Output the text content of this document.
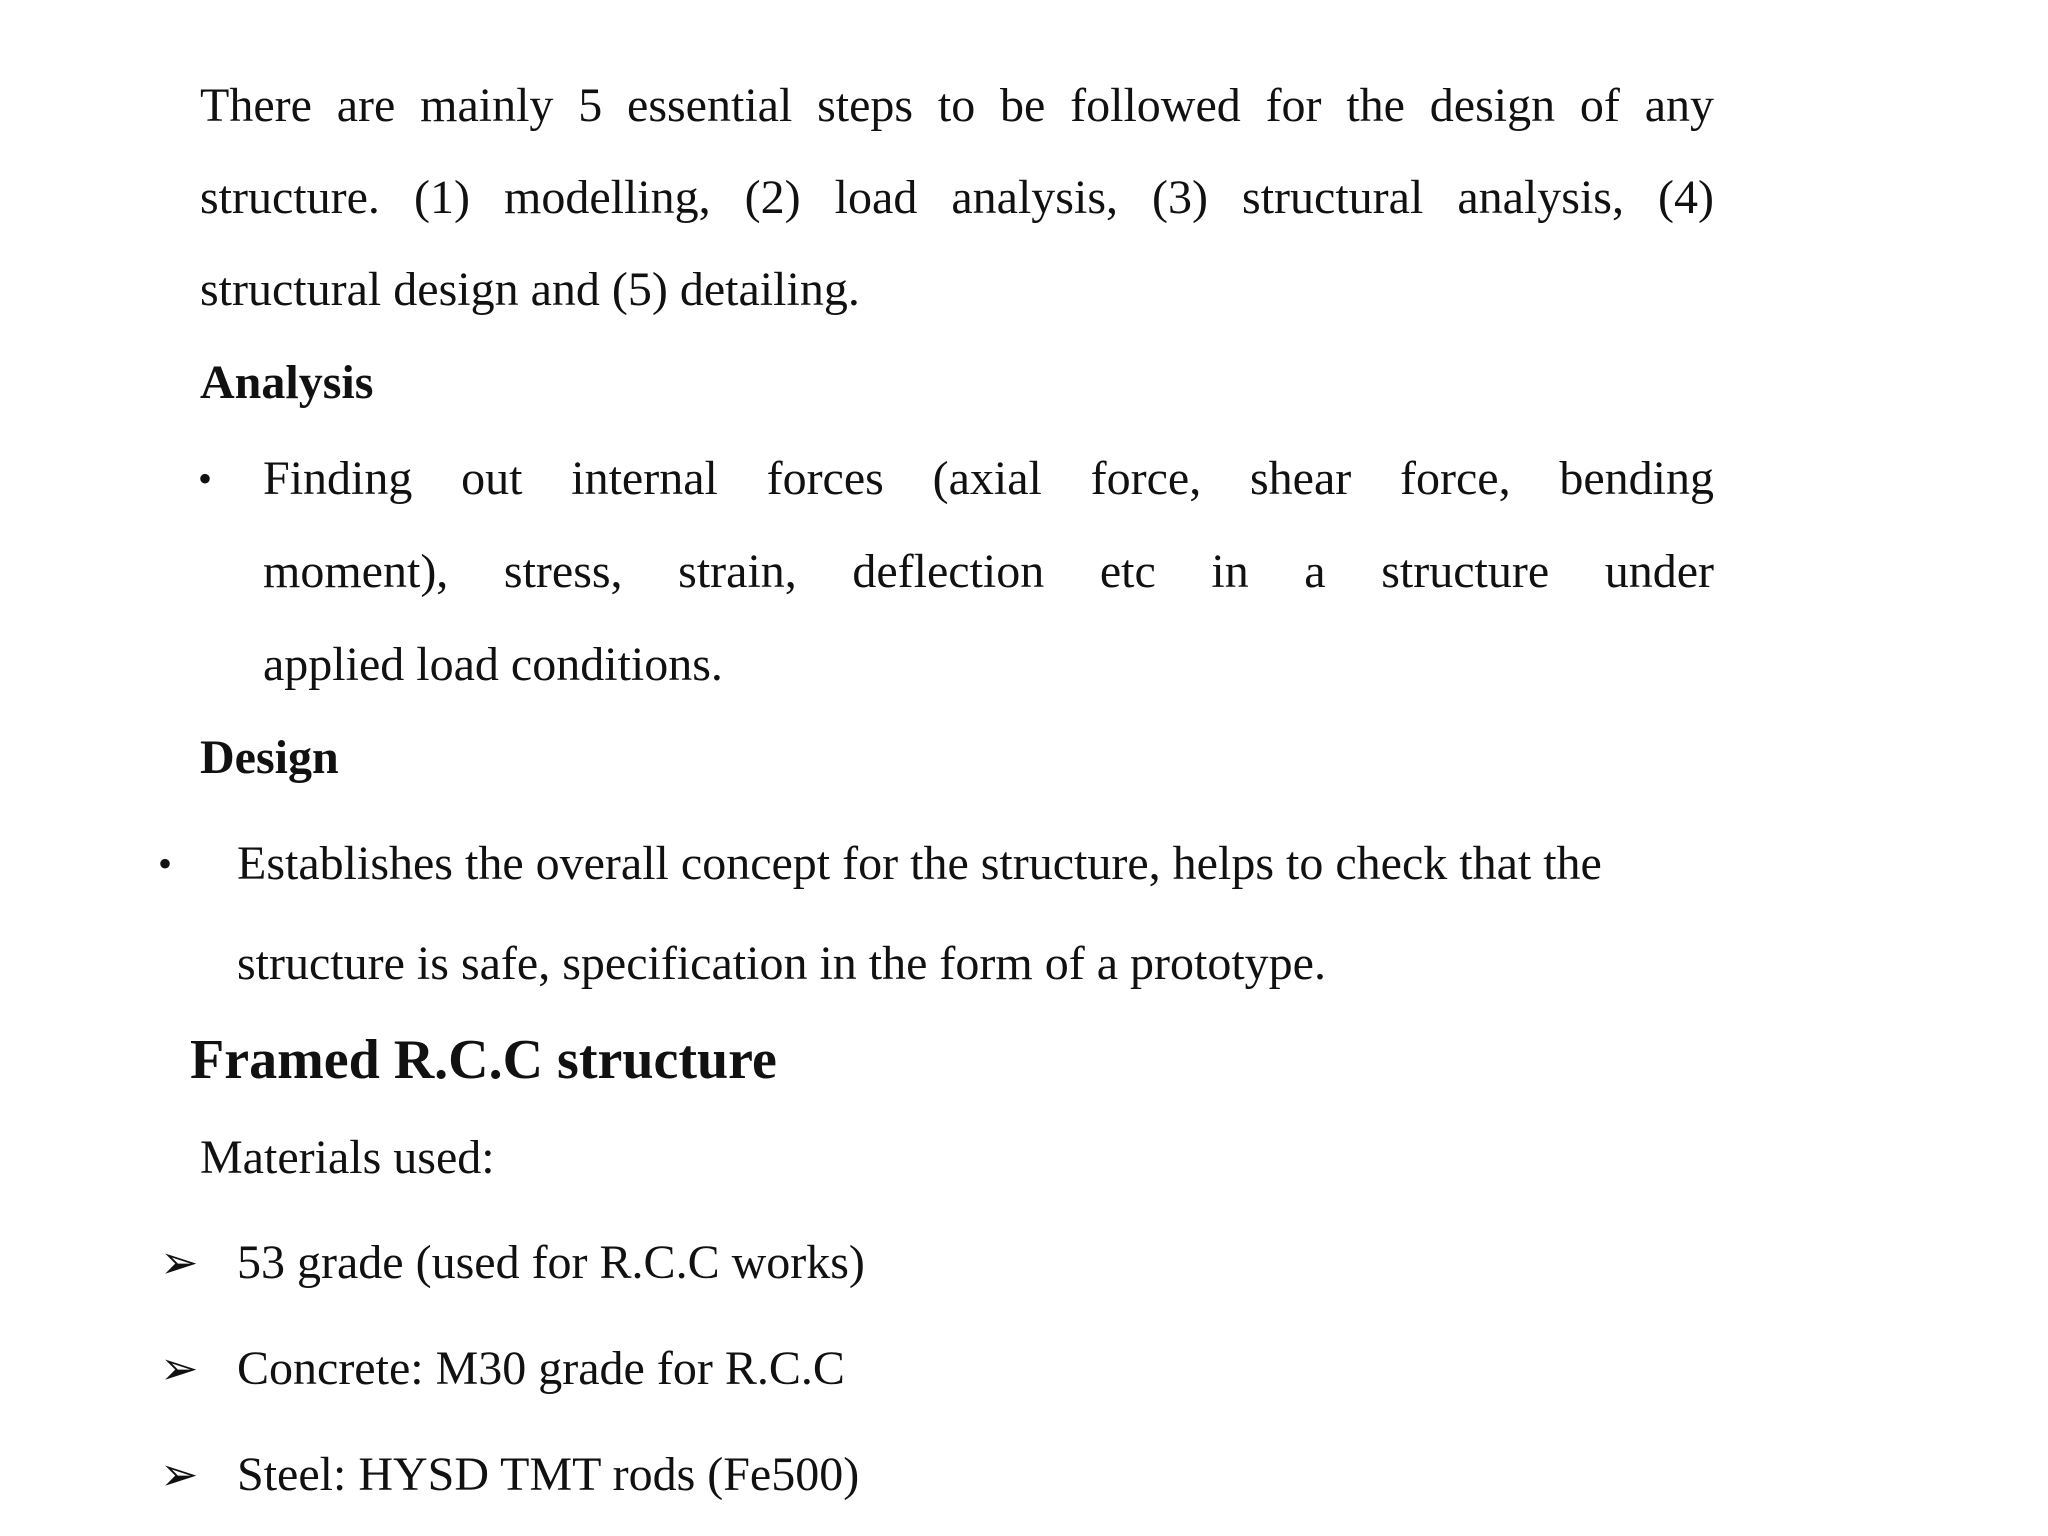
There are mainly 5 essential steps to be followed for the design of any

structure. (1) modelling, (2) load analysis, (3) structural analysis, (4)

structural design and (5) detailing.

Analysis
• Finding out internal forces (axial force, shear force, bending

moment), stress, strain, deflection etc in a structure under

applied load conditions.

Design
• Establishes the overall concept for the structure, helps to check that the

structure is safe, specification in the form of a prototype.

Framed R.C.C structure

Materials used:

➢ 53 grade (used for R.C.C works)

➢ Concrete: M30 grade for R.C.C

➢ Steel: HYSD TMT rods (Fe500)
